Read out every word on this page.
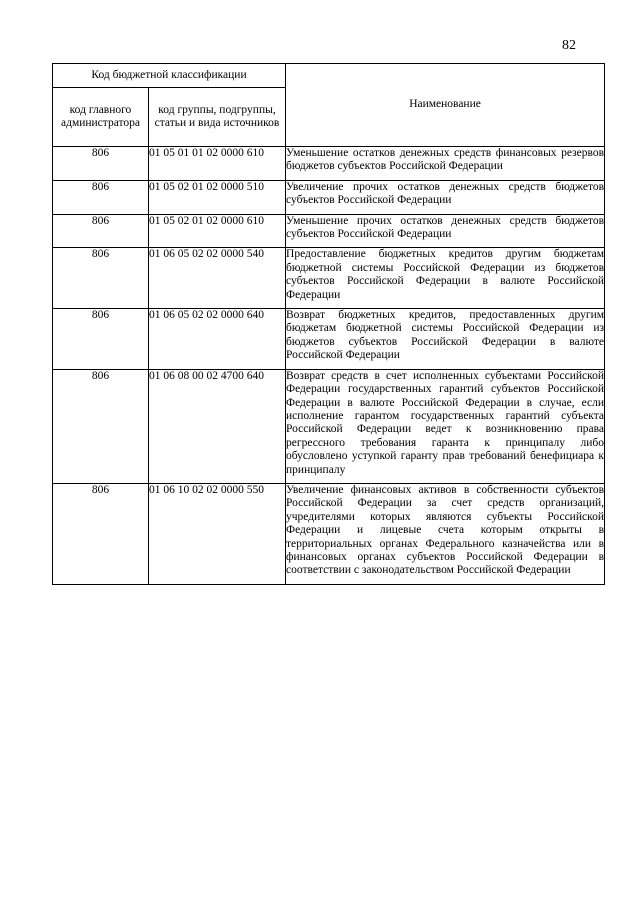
82
Код бюджетной классификации		Наименование
код главного администратора	код группы, подгруппы, статьи и вида источников	
806	01 05 01 01 02 0000 610	Уменьшение остатков денежных средств финансовых резервов бюджетов субъектов Российской Федерации
806	01 05 02 01 02 0000 510	Увеличение прочих остатков денежных средств бюджетов субъектов Российской Федерации
806	01 05 02 01 02 0000 610	Уменьшение прочих остатков денежных средств бюджетов субъектов Российской Федерации
806	01 06 05 02 02 0000 540	Предоставление бюджетных кредитов другим бюджетам бюджетной системы Российской Федерации из бюджетов субъектов Российской Федерации в валюте Российской Федерации
806	01 06 05 02 02 0000 640	Возврат бюджетных кредитов, предоставленных другим бюджетам бюджетной системы Российской Федерации из бюджетов субъектов Российской Федерации в валюте Российской Федерации
806	01 06 08 00 02 4700 640	Возврат средств в счет исполненных субъектами Российской Федерации государственных гарантий субъектов Российской Федерации в валюте Российской Федерации в случае, если исполнение гарантом государственных гарантий субъекта Российской Федерации ведет к возникновению права регрессного требования гаранта к принципалу либо обусловлено уступкой гаранту прав требований бенефициара к принципалу
806	01 06 10 02 02 0000 550	Увеличение финансовых активов в собственности субъектов Российской Федерации за счет средств организаций, учредителями которых являются субъекты Российской Федерации и лицевые счета которым открыты в территориальных органах Федерального казначейства или в финансовых органах субъектов Российской Федерации в соответствии с законодательством Российской Федерации
